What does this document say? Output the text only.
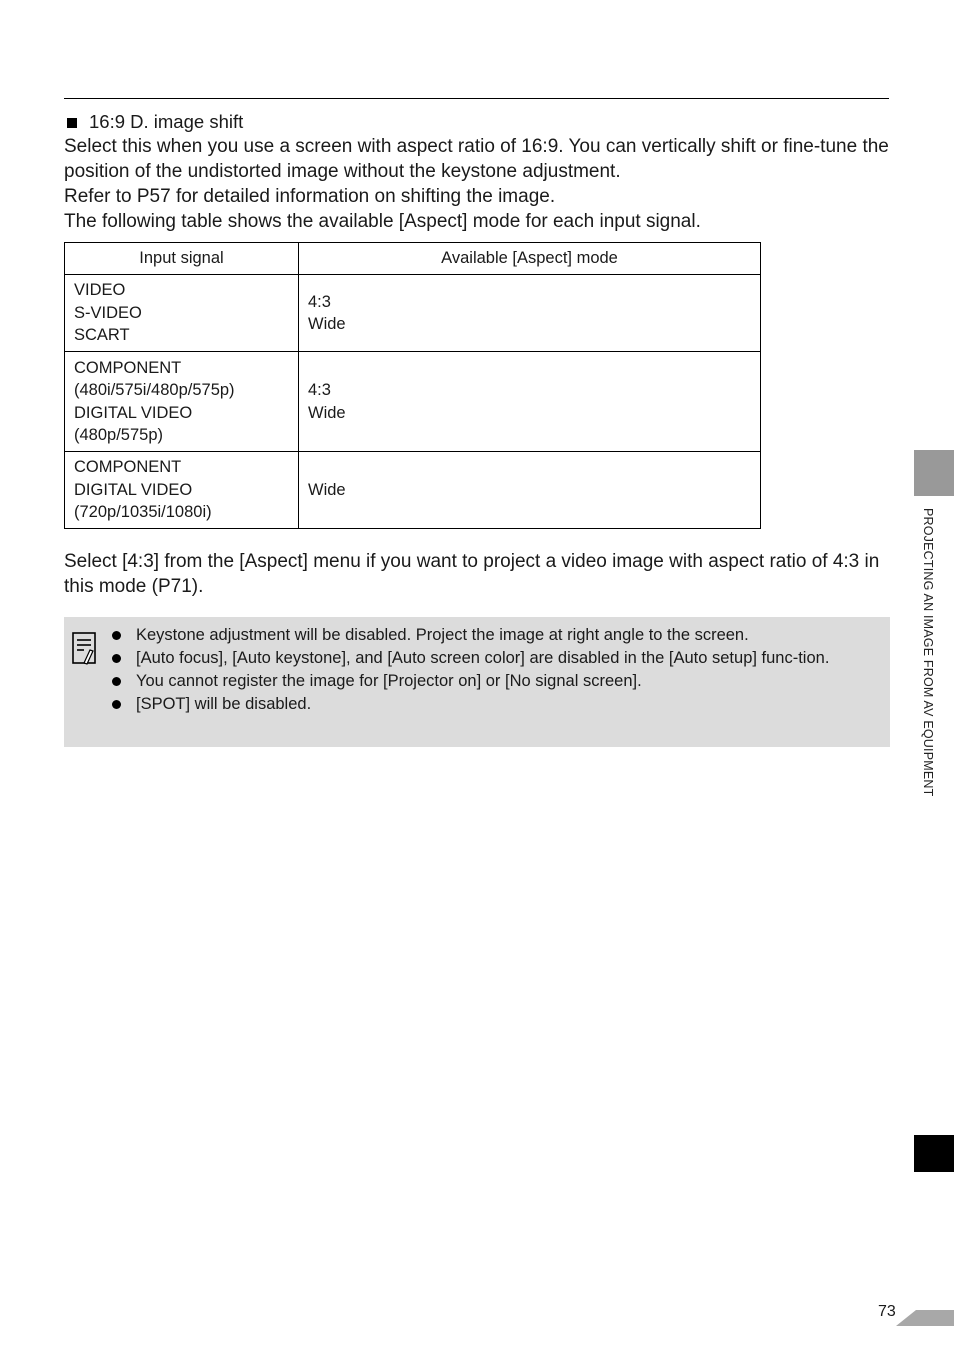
16:9 D. image shift

Select this when you use a screen with aspect ratio of 16:9. You can vertically shift or fine-tune the position of the undistorted image without the keystone adjustment.

Refer to P57 for detailed information on shifting the image.

The following table shows the available [Aspect] mode for each input signal.

Input signal	Available [Aspect] mode

VIDEO
S-VIDEO
SCART	4:3
Wide

COMPONENT
(480i/575i/480p/575p)
DIGITAL VIDEO
(480p/575p)	4:3
Wide

COMPONENT
DIGITAL VIDEO
(720p/1035i/1080i)	Wide

Select [4:3] from the [Aspect] menu if you want to project a video image with aspect ratio of 4:3 in this mode (P71).

Keystone adjustment will be disabled. Project the image at right angle to the screen.
[Auto focus], [Auto keystone], and [Auto screen color] are disabled in the [Auto setup] func-tion.
You cannot register the image for [Projector on] or [No signal screen].
[SPOT] will be disabled.	PROJECTING AN IMAGE FROM AV EQUIPMENT
73
